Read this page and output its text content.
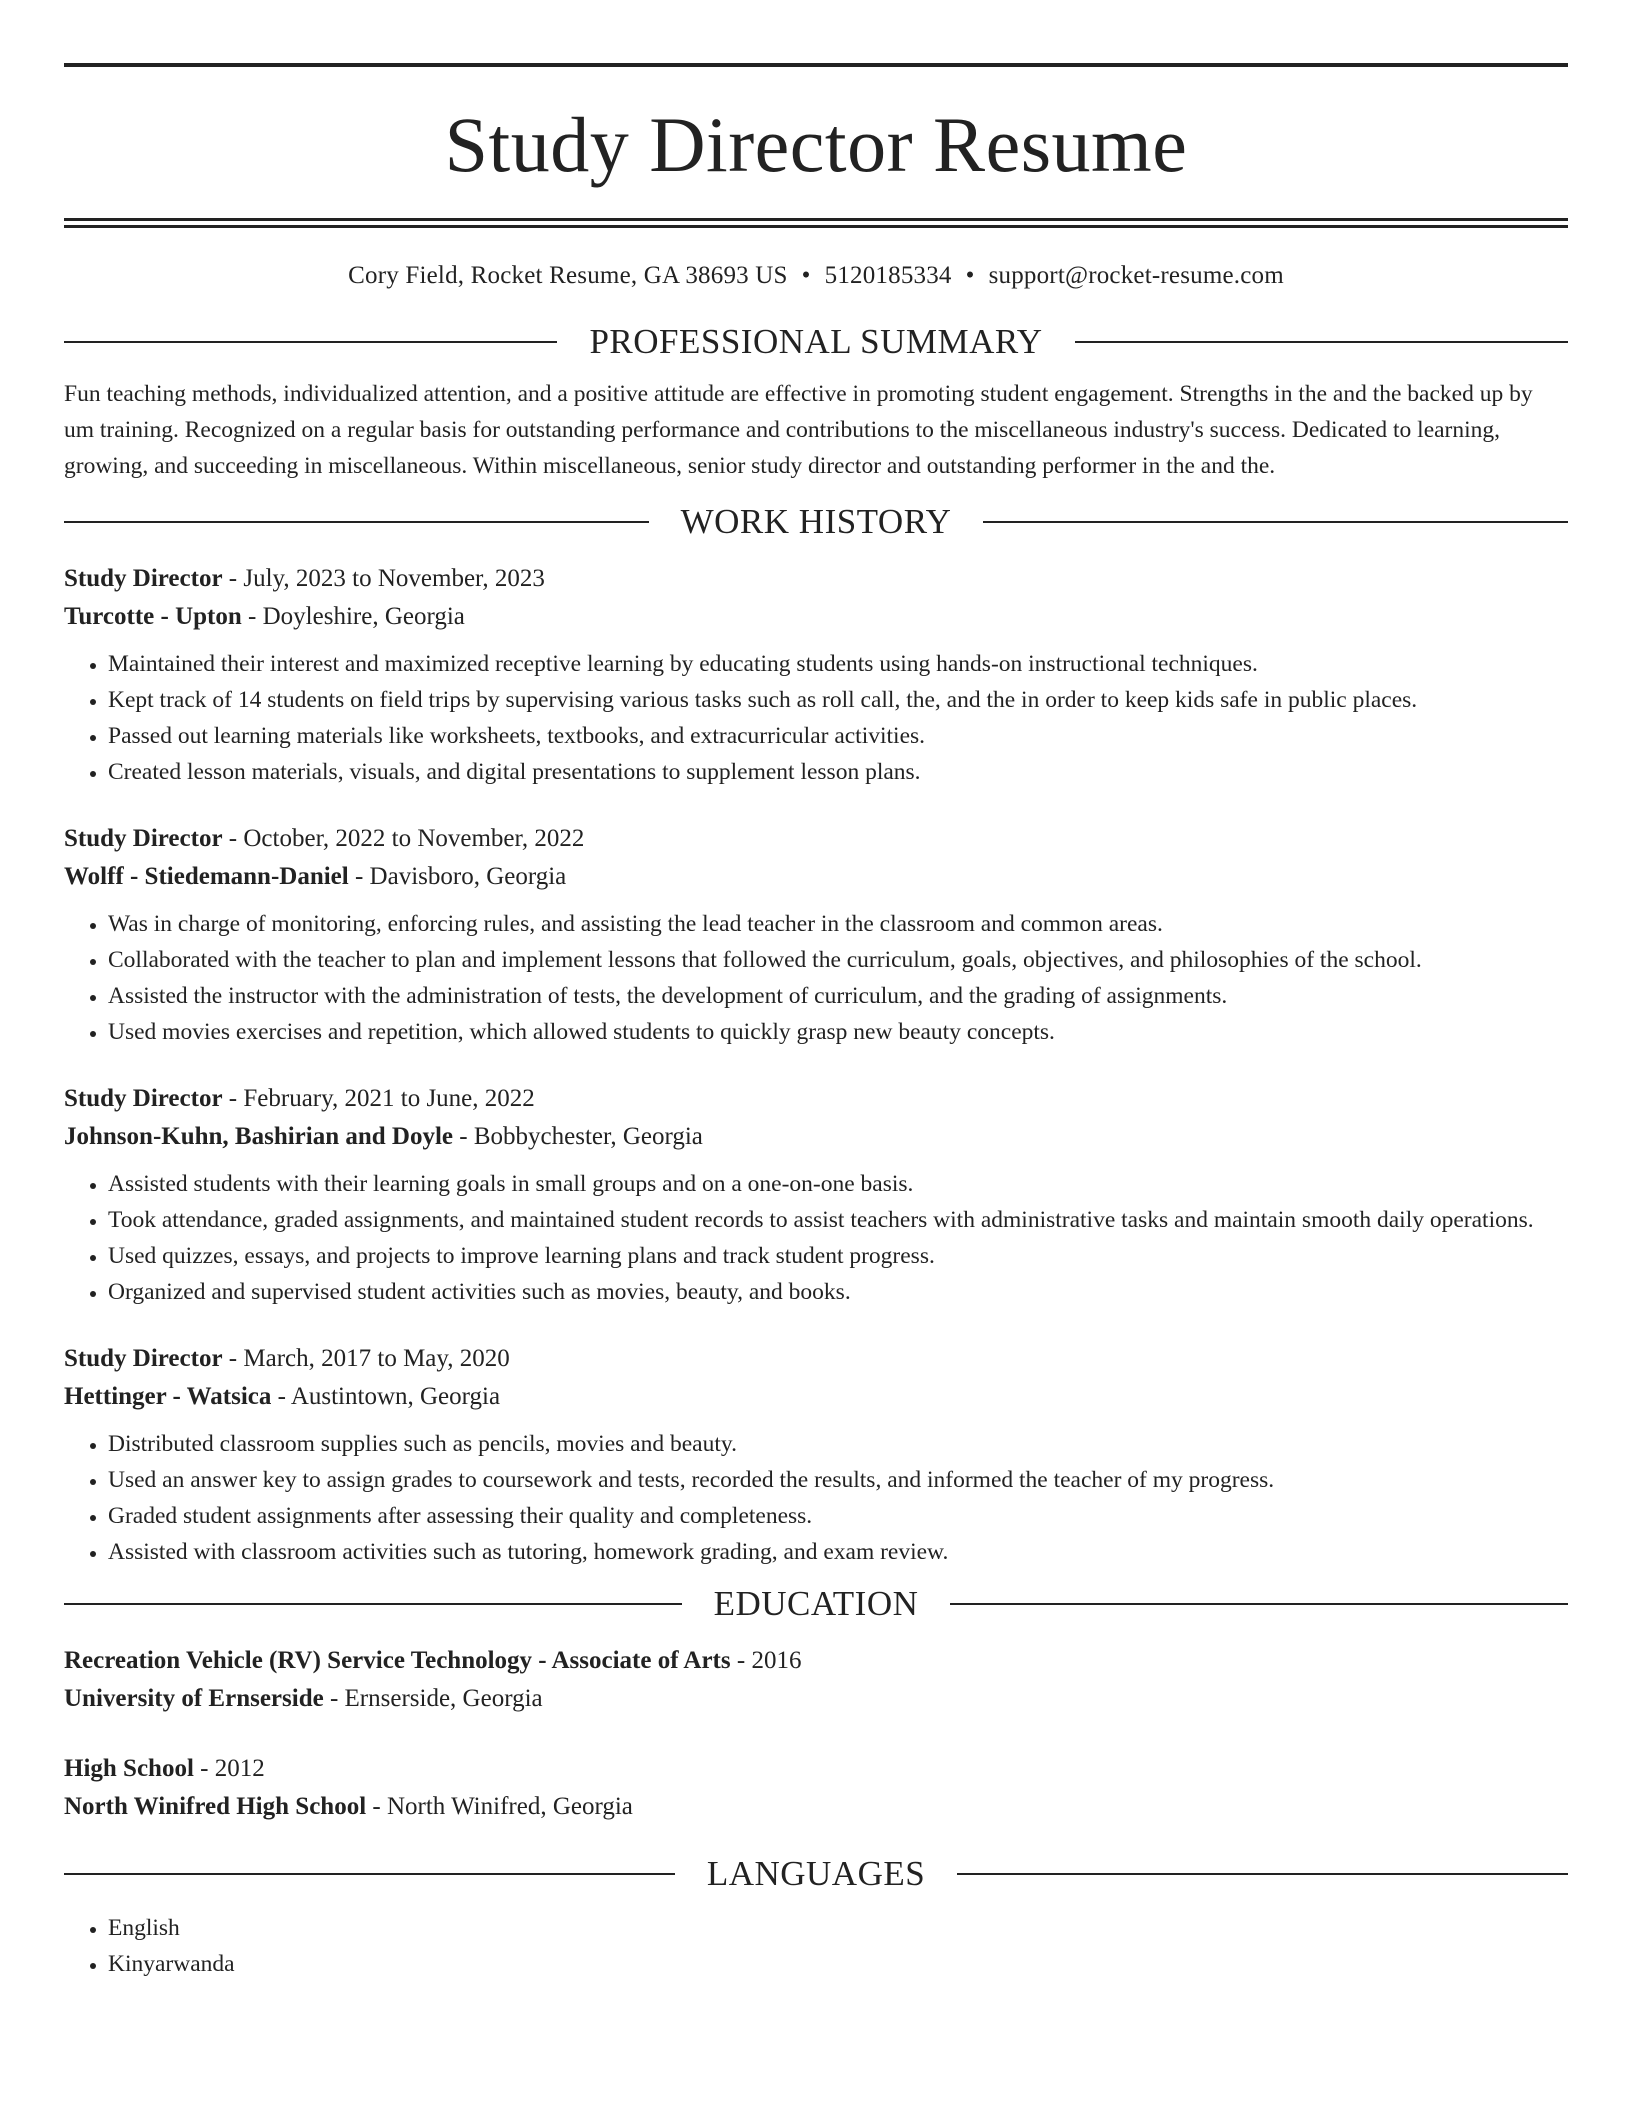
Study Director Resume
Cory Field, Rocket Resume, GA 38693 US • 5120185334 • support@rocket-resume.com
PROFESSIONAL SUMMARY

Fun teaching methods, individualized attention, and a positive attitude are effective in promoting student engagement. Strengths in the and the backed up by um training. Recognized on a regular basis for outstanding performance and contributions to the miscellaneous industry's success. Dedicated to learning, growing, and succeeding in miscellaneous. Within miscellaneous, senior study director and outstanding performer in the and the.

WORK HISTORY
Study Director - July, 2023 to November, 2023
Turcotte - Upton - Doyleshire, Georgia
• Maintained their interest and maximized receptive learning by educating students using hands-on instructional techniques.
• Kept track of 14 students on field trips by supervising various tasks such as roll call, the, and the in order to keep kids safe in public places.
• Passed out learning materials like worksheets, textbooks, and extracurricular activities.
• Created lesson materials, visuals, and digital presentations to supplement lesson plans.
Study Director - October, 2022 to November, 2022
Wolff - Stiedemann-Daniel - Davisboro, Georgia
• Was in charge of monitoring, enforcing rules, and assisting the lead teacher in the classroom and common areas.
• Collaborated with the teacher to plan and implement lessons that followed the curriculum, goals, objectives, and philosophies of the school.
• Assisted the instructor with the administration of tests, the development of curriculum, and the grading of assignments.
• Used movies exercises and repetition, which allowed students to quickly grasp new beauty concepts.
Study Director - February, 2021 to June, 2022
Johnson-Kuhn, Bashirian and Doyle - Bobbychester, Georgia
• Assisted students with their learning goals in small groups and on a one-on-one basis.
• Took attendance, graded assignments, and maintained student records to assist teachers with administrative tasks and maintain smooth daily operations.
• Used quizzes, essays, and projects to improve learning plans and track student progress.
• Organized and supervised student activities such as movies, beauty, and books.
Study Director - March, 2017 to May, 2020
Hettinger - Watsica - Austintown, Georgia
• Distributed classroom supplies such as pencils, movies and beauty.
• Used an answer key to assign grades to coursework and tests, recorded the results, and informed the teacher of my progress.
• Graded student assignments after assessing their quality and completeness.
• Assisted with classroom activities such as tutoring, homework grading, and exam review.
EDUCATION
Recreation Vehicle (RV) Service Technology - Associate of Arts - 2016
University of Ernserside - Ernserside, Georgia
High School - 2012
North Winifred High School - North Winifred, Georgia
LANGUAGES
• English
• Kinyarwanda
